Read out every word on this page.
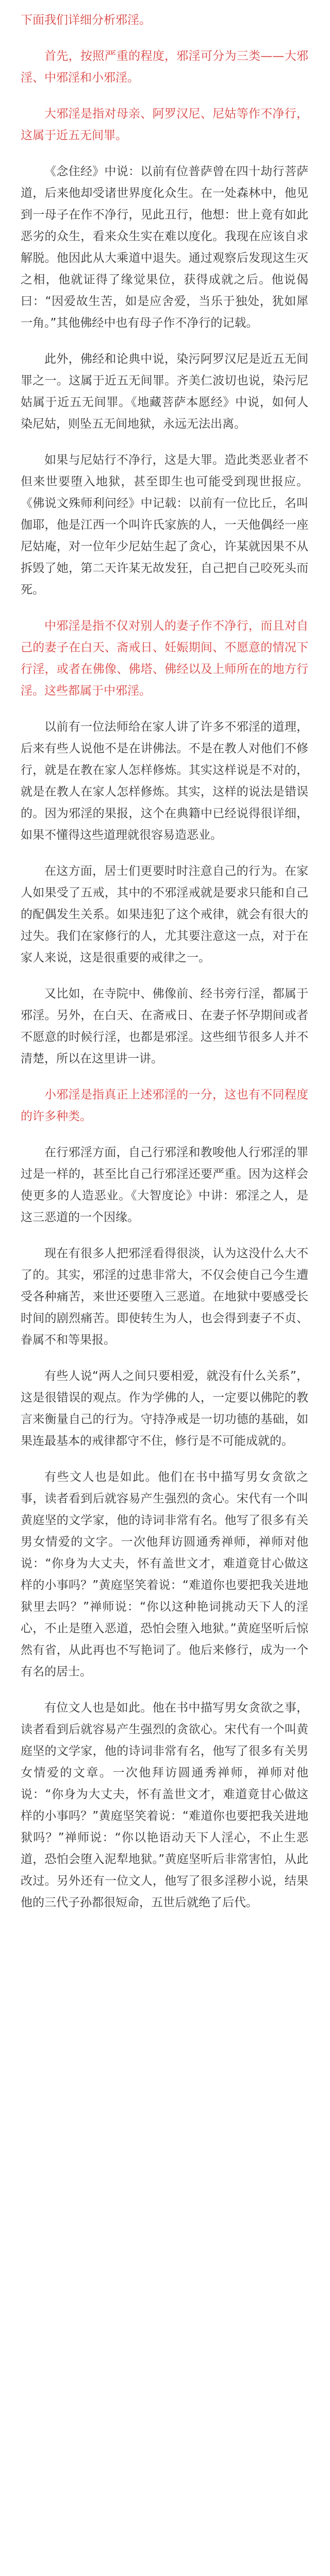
下面我们详细分析邪淫。

首先，按照严重的程度，邪淫可分为三类——大邪淫、中邪淫和小邪淫。

大邪淫是指对母亲、阿罗汉尼、尼姑等作不净行，这属于近五无间罪。

《念住经》中说：以前有位普萨曾在四十劫行菩萨道，后来他却受诸世界度化众生。在一处森林中，他见到一母子在作不净行，见此丑行，他想：世上竟有如此恶劣的众生，看来众生实在难以度化。我现在应该自求解脱。他因此从大乘道中退失。通过观察后发现这生灭之相，他就证得了缘觉果位，获得成就之后。他说偈曰：“因爱故生苦，如是应舍爱，当乐于独处，犹如犀一角。”其他佛经中也有母子作不净行的记载。

此外，佛经和论典中说，染污阿罗汉尼是近五无间罪之一。这属于近五无间罪。齐美仁波切也说，染污尼姑属于近五无间罪。《地藏菩萨本愿经》中说，如何人染尼姑，则坠五无间地狱，永远无法出离。

如果与尼姑行不净行，这是大罪。造此类恶业者不但来世要堕入地狱，甚至即生也可能受到现世报应。《佛说文殊师利问经》中记载：以前有一位比丘，名叫伽耶，他是江西一个叫许氏家族的人，一天他偶经一座尼姑庵，对一位年少尼姑生起了贪心，许某就因果不从拆毁了她，第二天许某无故发狂，自己把自己咬死头而死。

中邪淫是指不仅对别人的妻子作不净行，而且对自己的妻子在白天、斋戒日、妊娠期间、不愿意的情况下行淫，或者在佛像、佛塔、佛经以及上师所在的地方行淫。这些都属于中邪淫。

以前有一位法师给在家人讲了许多不邪淫的道理，后来有些人说他不是在讲佛法。不是在教人对他们不修行，就是在教在家人怎样修炼。其实这样说是不对的，就是在教人在家人怎样修炼。其实，这样的说法是错误的。因为邪淫的果报，这个在典籍中已经说得很详细，如果不懂得这些道理就很容易造恶业。

在这方面，居士们更要时时注意自己的行为。在家人如果受了五戒，其中的不邪淫戒就是要求只能和自己的配偶发生关系。如果违犯了这个戒律，就会有很大的过失。我们在家修行的人，尤其要注意这一点，对于在家人来说，这是很重要的戒律之一。

又比如，在寺院中、佛像前、经书旁行淫，都属于邪淫。另外，在白天、在斋戒日、在妻子怀孕期间或者不愿意的时候行淫，也都是邪淫。这些细节很多人并不清楚，所以在这里讲一讲。

小邪淫是指真正上述邪淫的一分，这也有不同程度的许多种类。

在行邪淫方面，自己行邪淫和教唆他人行邪淫的罪过是一样的，甚至比自己行邪淫还要严重。因为这样会使更多的人造恶业。《大智度论》中讲：邪淫之人，是这三恶道的一个因缘。

现在有很多人把邪淫看得很淡，认为这没什么大不了的。其实，邪淫的过患非常大，不仅会使自己今生遭受各种痛苦，来世还要堕入三恶道。在地狱中要感受长时间的剧烈痛苦。即使转生为人，也会得到妻子不贞、眷属不和等果报。

有些人说“两人之间只要相爱，就没有什么关系”，这是很错误的观点。作为学佛的人，一定要以佛陀的教言来衡量自己的行为。守持净戒是一切功德的基础，如果连最基本的戒律都守不住，修行是不可能成就的。

有些文人也是如此。他们在书中描写男女贪欲之事，读者看到后就容易产生强烈的贪心。宋代有一个叫黄庭坚的文学家，他的诗词非常有名。他写了很多有关男女情爱的文字。一次他拜访圆通秀禅师，禅师对他说：“你身为大丈夫，怀有盖世文才，难道竟甘心做这样的小事吗？”黄庭坚笑着说：“难道你也要把我关进地狱里去吗？”禅师说：“你以这种艳词挑动天下人的淫心，不止是堕入恶道，恐怕会堕入地狱。”黄庭坚听后惊然有省，从此再也不写艳词了。他后来修行，成为一个有名的居士。

有位文人也是如此。他在书中描写男女贪欲之事，读者看到后就容易产生强烈的贪欲心。宋代有一个叫黄庭坚的文学家，他的诗词非常有名，他写了很多有关男女情爱的文章。一次他拜访圆通秀禅师，禅师对他说：“你身为大丈夫，怀有盖世文才，难道竟甘心做这样的小事吗？”黄庭坚笑着说：“难道你也要把我关进地狱吗？”禅师说：“你以艳语动天下人淫心，不止生恶道，恐怕会堕入泥犁地狱。”黄庭坚听后非常害怕，从此改过。另外还有一位文人，他写了很多淫秽小说，结果他的三代子孙都很短命，五世后就绝了后代。
